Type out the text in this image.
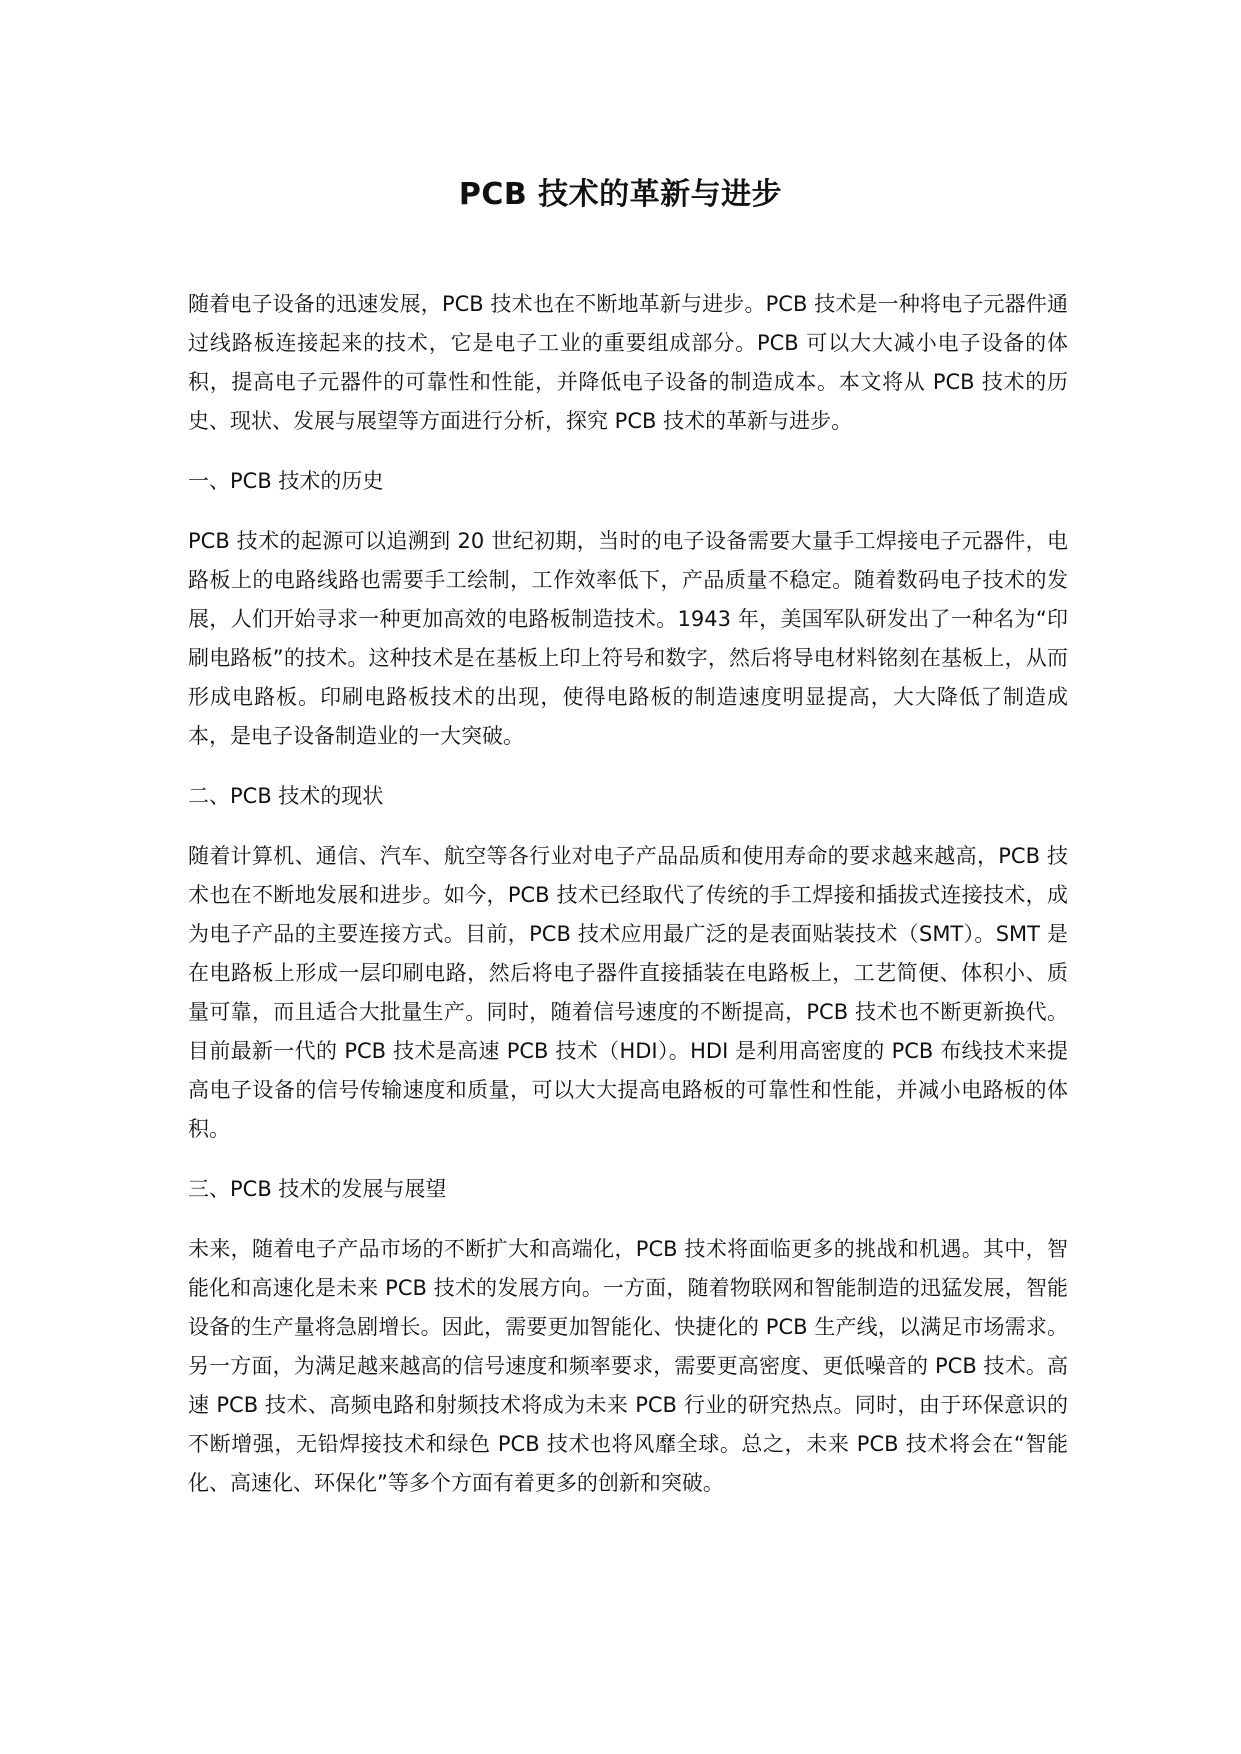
PCB 技术的革新与进步

随着电子设备的迅速发展，PCB 技术也在不断地革新与进步。PCB 技术是一种将电子元器件通过线路板连接起来的技术，它是电子工业的重要组成部分。PCB 可以大大减小电子设备的体积，提高电子元器件的可靠性和性能，并降低电子设备的制造成本。本文将从 PCB 技术的历史、现状、发展与展望等方面进行分析，探究 PCB 技术的革新与进步。

一、PCB 技术的历史

PCB 技术的起源可以追溯到 20 世纪初期，当时的电子设备需要大量手工焊接电子元器件，电路板上的电路线路也需要手工绘制，工作效率低下，产品质量不稳定。随着数码电子技术的发展，人们开始寻求一种更加高效的电路板制造技术。1943 年，美国军队研发出了一种名为“印刷电路板”的技术。这种技术是在基板上印上符号和数字，然后将导电材料铭刻在基板上，从而形成电路板。印刷电路板技术的出现，使得电路板的制造速度明显提高，大大降低了制造成本，是电子设备制造业的一大突破。

二、PCB 技术的现状

随着计算机、通信、汽车、航空等各行业对电子产品品质和使用寿命的要求越来越高，PCB 技术也在不断地发展和进步。如今，PCB 技术已经取代了传统的手工焊接和插拔式连接技术，成为电子产品的主要连接方式。目前，PCB 技术应用最广泛的是表面贴装技术（SMT）。SMT 是在电路板上形成一层印刷电路，然后将电子器件直接插装在电路板上，工艺简便、体积小、质量可靠，而且适合大批量生产。同时，随着信号速度的不断提高，PCB 技术也不断更新换代。目前最新一代的 PCB 技术是高速 PCB 技术（HDI）。HDI 是利用高密度的 PCB 布线技术来提高电子设备的信号传输速度和质量，可以大大提高电路板的可靠性和性能，并减小电路板的体积。

三、PCB 技术的发展与展望

未来，随着电子产品市场的不断扩大和高端化，PCB 技术将面临更多的挑战和机遇。其中，智能化和高速化是未来 PCB 技术的发展方向。一方面，随着物联网和智能制造的迅猛发展，智能设备的生产量将急剧增长。因此，需要更加智能化、快捷化的 PCB 生产线，以满足市场需求。另一方面，为满足越来越高的信号速度和频率要求，需要更高密度、更低噪音的 PCB 技术。高速 PCB 技术、高频电路和射频技术将成为未来 PCB 行业的研究热点。同时，由于环保意识的不断增强，无铅焊接技术和绿色 PCB 技术也将风靡全球。总之，未来 PCB 技术将会在“智能化、高速化、环保化”等多个方面有着更多的创新和突破。
